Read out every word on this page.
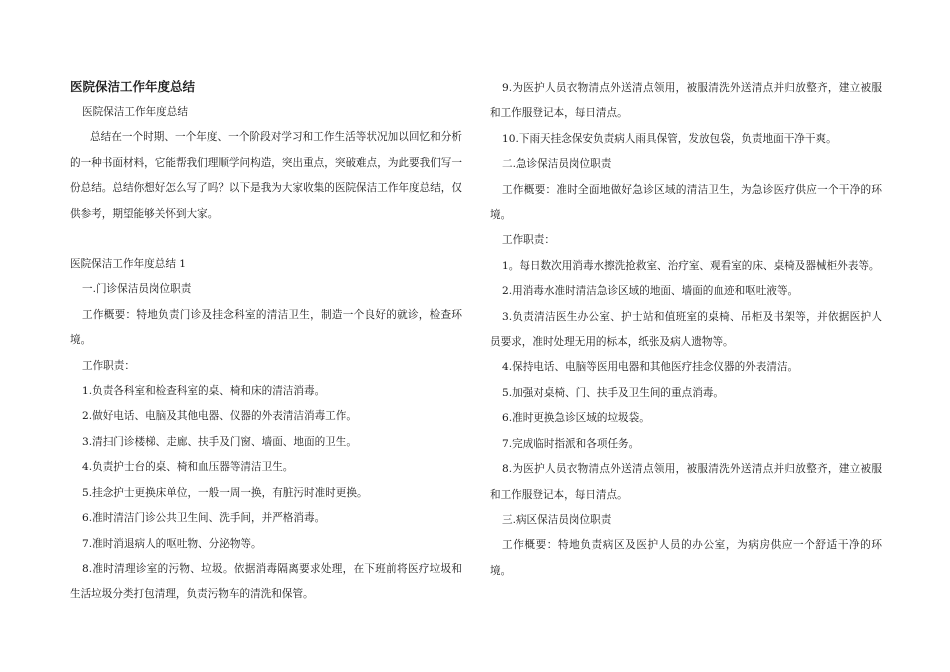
医院保洁工作年度总结

医院保洁工作年度总结

总结在一个时期、一个年度、一个阶段对学习和工作生活等状况加以回忆和分析的一种书面材料，它能帮我们理顺学问构造，突出重点，突破难点，为此要我们写一份总结。总结你想好怎么写了吗？以下是我为大家收集的医院保洁工作年度总结，仅供参考，期望能够关怀到大家。

医院保洁工作年度总结 1

一.门诊保洁员岗位职责

工作概要：特地负责门诊及挂念科室的清洁卫生，制造一个良好的就诊，检查环境。

工作职责：

1.负责各科室和检查科室的桌、椅和床的清洁消毒。

2.做好电话、电脑及其他电器、仪器的外表清洁消毒工作。

3.清扫门诊楼梯、走廊、扶手及门窗、墙面、地面的卫生。

4.负责护士台的桌、椅和血压器等清洁卫生。

5.挂念护士更换床单位，一般一周一换，有脏污时准时更换。

6.准时清洁门诊公共卫生间、洗手间，并严格消毒。

7.准时消退病人的呕吐物、分泌物等。

8.准时清理诊室的污物、垃圾。依据消毒隔离要求处理，在下班前将医疗垃圾和生活垃圾分类打包清理，负责污物车的清洗和保管。

9.为医护人员衣物清点外送清点领用，被服清洗外送清点并归放整齐，建立被服和工作服登记本，每日清点。

10.下雨天挂念保安负责病人雨具保管，发放包袋，负责地面干净干爽。

二.急诊保洁员岗位职责

工作概要：准时全面地做好急诊区域的清洁卫生，为急诊医疗供应一个干净的环境。

工作职责：

1。每日数次用消毒水擦洗抢救室、治疗室、观看室的床、桌椅及器械柜外表等。

2.用消毒水准时清洁急诊区域的地面、墙面的血迹和呕吐液等。

3.负责清洁医生办公室、护士站和值班室的桌椅、吊柜及书架等，并依据医护人员要求，准时处理无用的标本，纸张及病人遗物等。

4.保持电话、电脑等医用电器和其他医疗挂念仪器的外表清洁。

5.加强对桌椅、门、扶手及卫生间的重点消毒。

6.准时更换急诊区域的垃圾袋。

7.完成临时指派和各项任务。

8.为医护人员衣物清点外送清点领用，被服清洗外送清点并归放整齐，建立被服和工作服登记本，每日清点。

三.病区保洁员岗位职责

工作概要：特地负责病区及医护人员的办公室，为病房供应一个舒适干净的环境。
